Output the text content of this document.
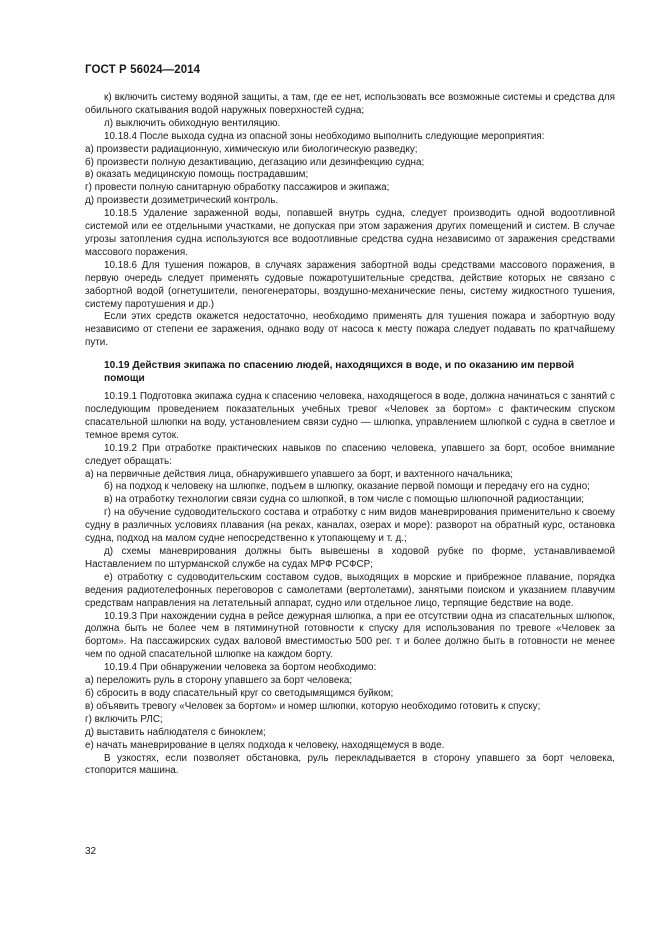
ГОСТ Р 56024—2014

к) включить систему водяной защиты, а там, где ее нет, использовать все возможные системы и средства для обильного скатывания водой наружных поверхностей судна;

л) выключить обиходную вентиляцию.

10.18.4 После выхода судна из опасной зоны необходимо выполнить следующие мероприятия:

а) произвести радиационную, химическую или биологическую разведку;

б) произвести полную дезактивацию, дегазацию или дезинфекцию судна;

в) оказать медицинскую помощь пострадавшим;

г) провести полную санитарную обработку пассажиров и экипажа;

д) произвести дозиметрический контроль.

10.18.5 Удаление зараженной воды, попавшей внутрь судна, следует производить одной водоотливной системой или ее отдельными участками, не допуская при этом заражения других помещений и систем. В случае угрозы затопления судна используются все водоотливные средства судна независимо от заражения средствами массового поражения.

10.18.6 Для тушения пожаров, в случаях заражения забортной воды средствами массового поражения, в первую очередь следует применять судовые пожаротушительные средства, действие которых не связано с забортной водой (огнетушители, пеногенераторы, воздушно-механические пены, систему жидкостного тушения, систему паротушения и др.)

Если этих средств окажется недостаточно, необходимо применять для тушения пожара и забортную воду независимо от степени ее заражения, однако воду от насоса к месту пожара следует подавать по кратчайшему пути.

10.19 Действия экипажа по спасению людей, находящихся в воде, и по оказанию им первой помощи

10.19.1 Подготовка экипажа судна к спасению человека, находящегося в воде, должна начинаться с занятий с последующим проведением показательных учебных тревог «Человек за бортом» с фактическим спуском спасательной шлюпки на воду, установлением связи судно — шлюпка, управлением шлюпкой с судна в светлое и темное время суток.

10.19.2 При отработке практических навыков по спасению человека, упавшего за борт, особое внимание следует обращать:

а) на первичные действия лица, обнаружившего упавшего за борт, и вахтенного начальника;

б) на подход к человеку на шлюпке, подъем в шлюпку, оказание первой помощи и передачу его на судно;

в) на отработку технологии связи судна со шлюпкой, в том числе с помощью шлюпочной радиостанции;

г) на обучение судоводительского состава и отработку с ним видов маневрирования применительно к своему судну в различных условиях плавания (на реках, каналах, озерах и море): разворот на обратный курс, остановка судна, подход на малом судне непосредственно к утопающему и т. д.;

д) схемы маневрирования должны быть вывешены в ходовой рубке по форме, устанавливаемой Наставлением по штурманской службе на судах МРФ РСФСР;

е) отработку с судоводительским составом судов, выходящих в морские и прибрежное плавание, порядка ведения радиотелефонных переговоров с самолетами (вертолетами), занятыми поиском и указанием плавучим средствам направления на летательный аппарат, судно или отдельное лицо, терпящие бедствие на воде.

10.19.3 При нахождении судна в рейсе дежурная шлюпка, а при ее отсутствии одна из спасательных шлюпок, должна быть не более чем в пятиминутной готовности к спуску для использования по тревоге «Человек за бортом». На пассажирских судах валовой вместимостью 500 рег. т и более должно быть в готовности не менее чем по одной спасательной шлюпке на каждом борту.

10.19.4 При обнаружении человека за бортом необходимо:

а) переложить руль в сторону упавшего за борт человека;

б) сбросить в воду спасательный круг со светодымящимся буйком;

в) объявить тревогу «Человек за бортом» и номер шлюпки, которую необходимо готовить к спуску;

г) включить РЛС;

д) выставить наблюдателя с биноклем;

е) начать маневрирование в целях подхода к человеку, находящемуся в воде.

В узкостях, если позволяет обстановка, руль перекладывается в сторону упавшего за борт человека, стопорится машина.

32
